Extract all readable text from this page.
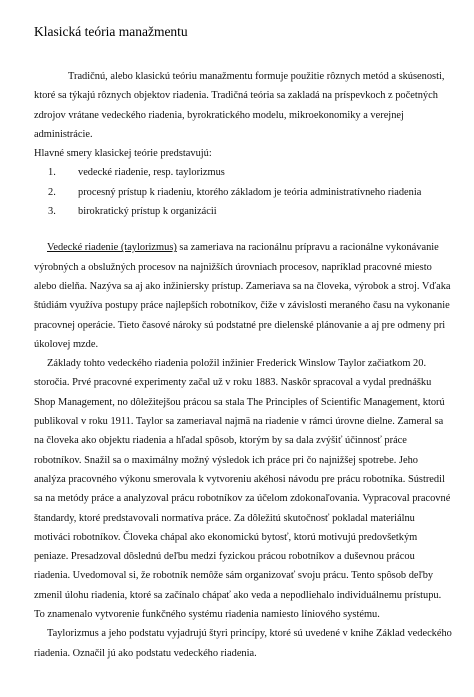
Klasická teória manažmentu

Tradičnú, alebo klasickú teóriu manažmentu formuje použitie rôznych metód a skúsenosti, ktoré sa týkajú rôznych objektov riadenia. Tradičná teória sa zakladá na príspevkoch z početných zdrojov vrátane vedeckého riadenia, byrokratického modelu, mikroekonomiky a verejnej administrácie.

Hlavné smery klasickej teórie predstavujú:

1. vedecké riadenie, resp. taylorizmus
2. procesný prístup k riadeniu, ktorého základom je teória administratívneho riadenia
3. birokratický prístup k organizácii

Vedecké riadenie (taylorizmus) sa zameriava na racionálnu prípravu a racionálne vykonávanie výrobných a obslužných procesov na najnižších úrovniach procesov, napríklad pracovné miesto alebo dielňa. Nazýva sa aj ako inžiniersky prístup. Zameriava sa na človeka, výrobok a stroj. Vďaka štúdiám využíva postupy práce najlepších robotníkov, čiže v závislosti meraného času na vykonanie pracovnej operácie. Tieto časové nároky sú podstatné pre dielenské plánovanie a aj pre odmeny pri úkolovej mzde.

Základy tohto vedeckého riadenia položil inžinier Frederick Winslow Taylor začiatkom 20. storočia. Prvé pracovné experimenty začal už v roku 1883. Naskôr spracoval a vydal prednášku Shop Management, no dôležitejšou prácou sa stala The Principles of Scientific Management, ktorú publikoval v roku 1911. Taylor sa zameriaval najmä na riadenie v rámci úrovne dielne. Zameral sa na človeka ako objektu riadenia a hľadal spôsob, ktorým by sa dala zvýšiť účinnosť práce robotníkov. Snažil sa o maximálny možný výsledok ich práce pri čo najnižšej spotrebe. Jeho analýza pracovného výkonu smerovala k vytvoreniu akéhosi návodu pre prácu robotníka. Sústredil sa na metódy práce a analyzoval prácu robotníkov za účelom zdokonaľovania. Vypracoval pracovné štandardy, ktoré predstavovali normatíva práce. Za dôležitú skutočnosť pokladal materiálnu motiváci robotníkov. Človeka chápal ako ekonomickú bytosť, ktorú motivujú predovšetkým peniaze. Presadzoval dôslednú deľbu medzi fyzickou prácou robotníkov a duševnou prácou riadenia. Uvedomoval si, že robotník nemôže sám organizovať svoju prácu. Tento spôsob deľby zmenil úlohu riadenia, ktoré sa začínalo chápať ako veda a nepodliehalo individuálnemu prístupu. To znamenalo vytvorenie funkčného systému riadenia namiesto líniového systému.

Taylorizmus a jeho podstatu vyjadrujú štyri princípy, ktoré sú uvedené v knihe Základ vedeckého riadenia. Označil jú ako podstatu vedeckého riadenia.
